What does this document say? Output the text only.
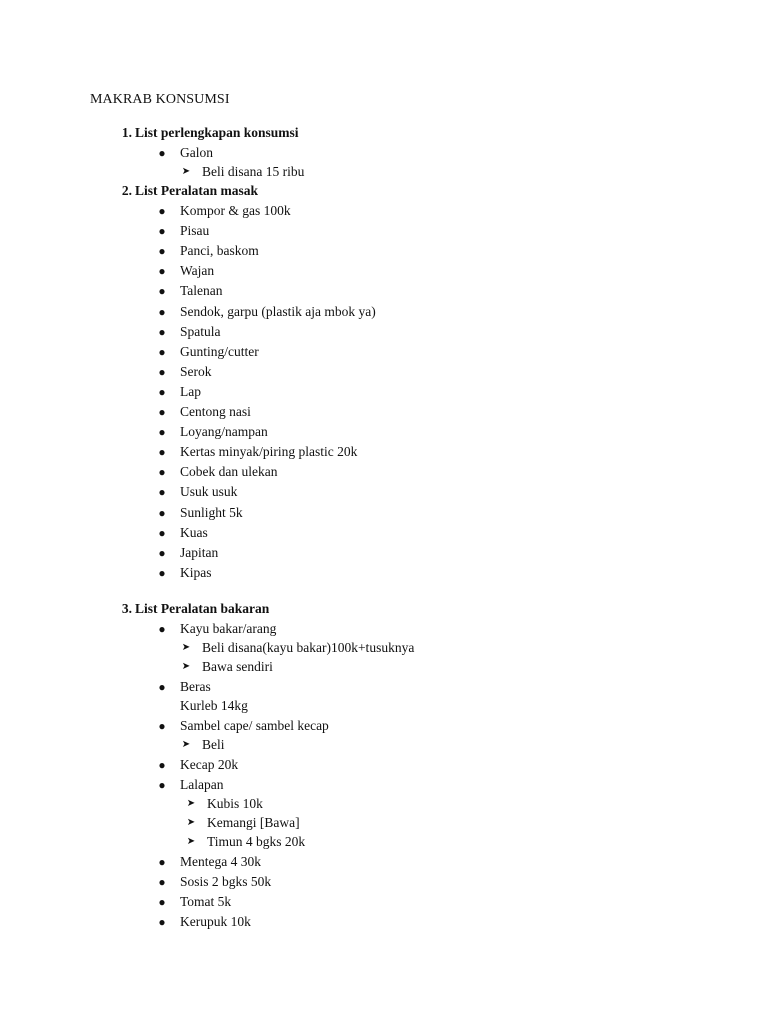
MAKRAB KONSUMSI
1. List perlengkapan konsumsi
● Galon
➤ Beli disana 15 ribu
2. List Peralatan masak
● Kompor & gas 100k
● Pisau
● Panci, baskom
● Wajan
● Talenan
● Sendok, garpu (plastik aja mbok ya)
● Spatula
● Gunting/cutter
● Serok
● Lap
● Centong nasi
● Loyang/nampan
● Kertas minyak/piring plastic 20k
● Cobek dan ulekan
● Usuk usuk
● Sunlight 5k
● Kuas
● Japitan
● Kipas
3. List Peralatan bakaran
● Kayu bakar/arang
➤ Beli disana(kayu bakar)100k+tusuknya
➤ Bawa sendiri
● Beras
Kurleb 14kg
● Sambel cape/ sambel kecap
➤ Beli
● Kecap 20k
● Lalapan
➤ Kubis 10k
➤ Kemangi [Bawa]
➤ Timun 4 bgks 20k
● Mentega 4 30k
● Sosis 2 bgks 50k
● Tomat 5k
● Kerupuk 10k
